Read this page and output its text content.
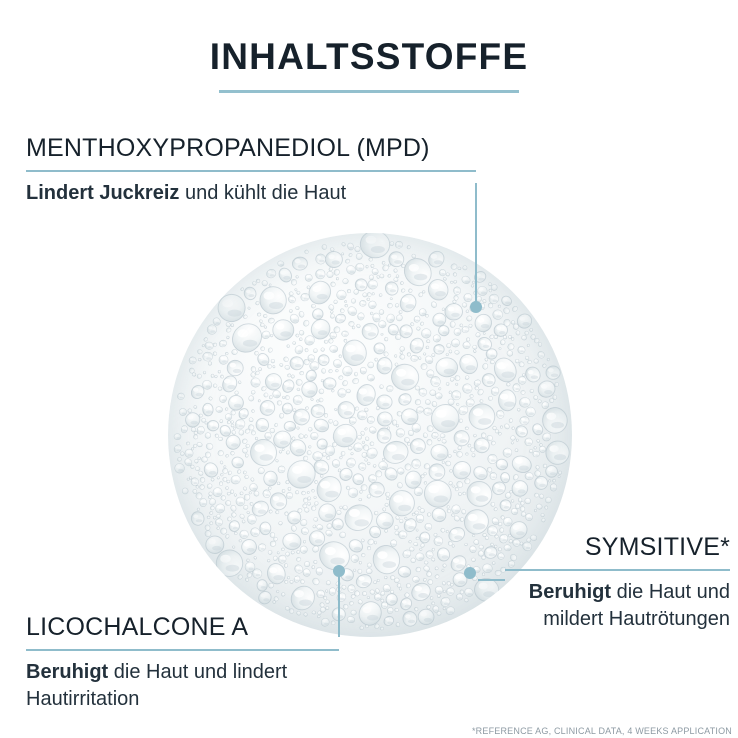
INHALTSSTOFFE
MENTHOXYPROPANEDIOL (MPD)
Lindert Juckreiz und kühlt die Haut
LICOCHALCONE A
Beruhigt die Haut und lindert Hautirritation
SYMSITIVE*
Beruhigt die Haut und mildert Hautrötungen
*REFERENCE AG, CLINICAL DATA, 4 WEEKS APPLICATION
